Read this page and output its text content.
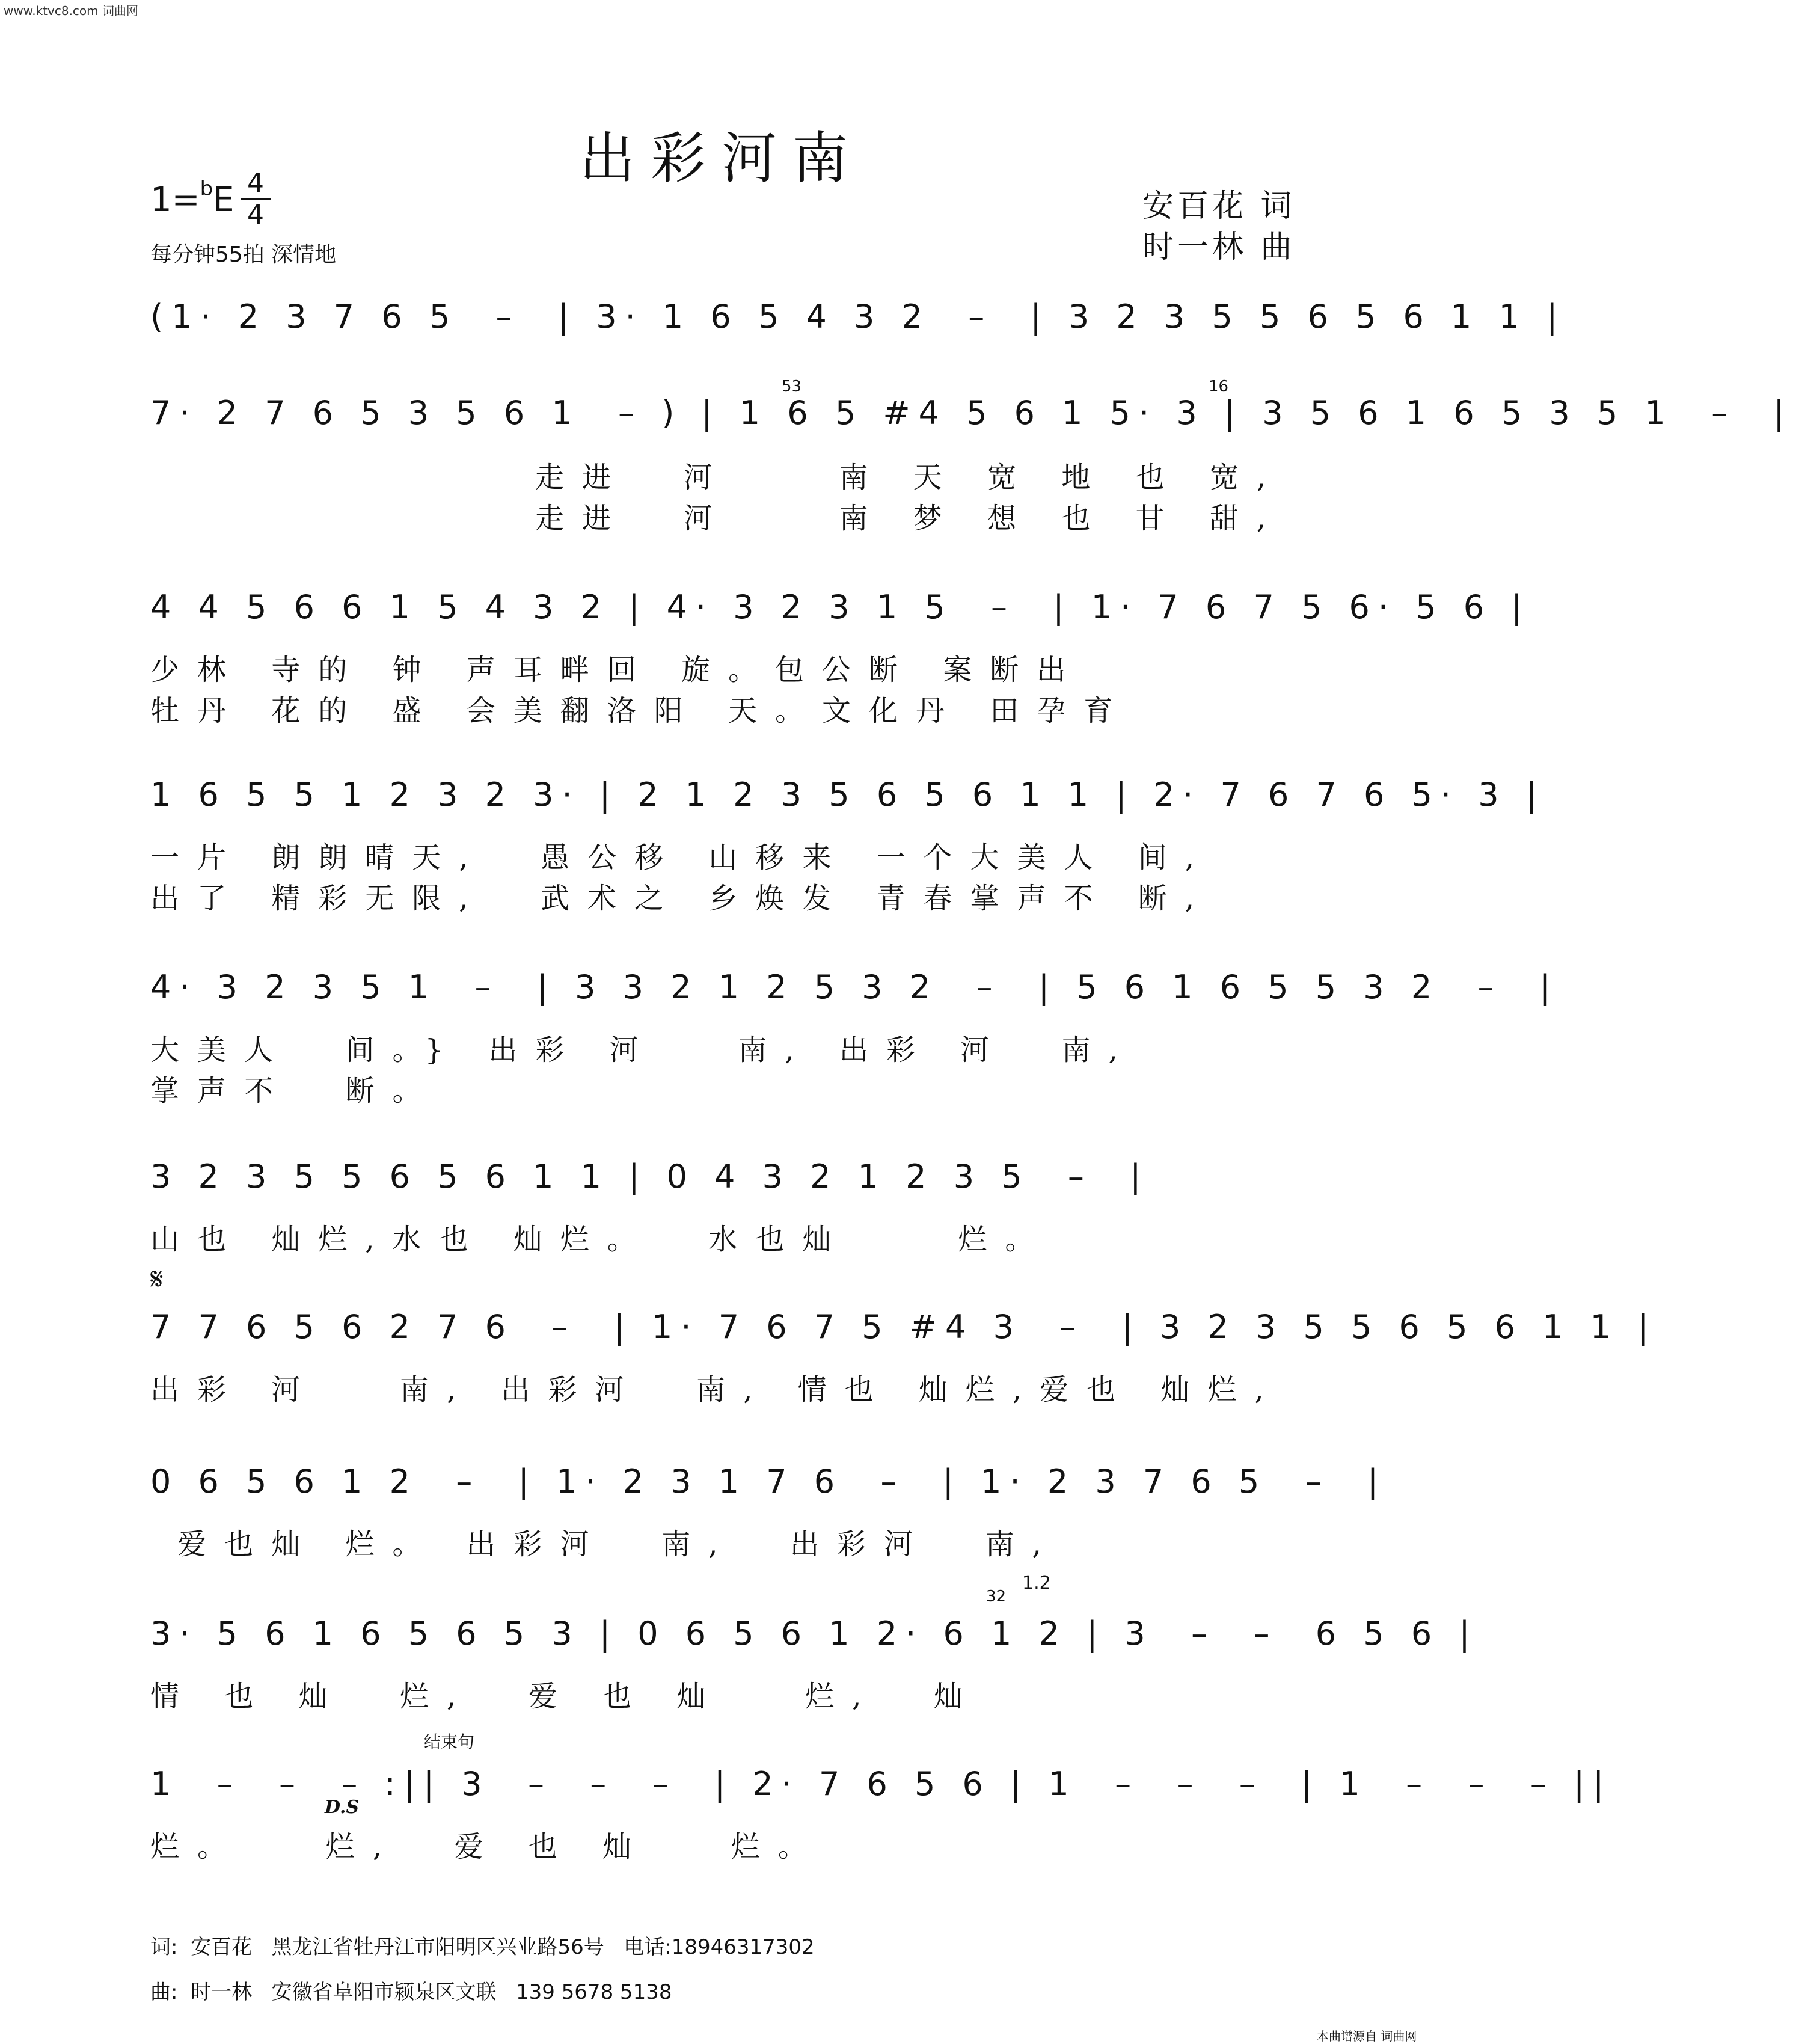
www.ktvc8.com 词曲网
出彩河南
1=$^b$E 4
4
每分钟55拍 深情地
安百花 词
时一林 曲
(1· 2 3 7 6 5  –  | 3· 1 6 5 4 3 2  –  | 3 2 3 5 5 6 5 6 1 1 |
7· 2 7 6 5 3 5 6 1  – ) | 1 6 5 #4 5 6 1 5· 3 | 3 5 6 1 6 5 3 5 1  –  |
走进  河    南 天 宽 地 也 宽,
走进  河    南 梦 想 也 甘 甜,
4 4 5 6 6 1 5 4 3 2 | 4· 3 2 3 1 5  –  | 1· 7 6 7 5 6· 5 6 |
少林 寺的 钟 声耳畔回 旋。包公断 案断出
牡丹 花的 盛 会美翻洛阳 天。文化丹 田孕育
1 6 5 5 1 2 3 2 3· | 2 1 2 3 5 6 5 6 1 1 | 2· 7 6 7 6 5· 3 |
一片 朗朗晴天,  愚公移 山移来 一个大美人 间,
出了 精彩无限,  武术之 乡焕发 青春掌声不 断,
4· 3 2 3 5 1  –  | 3 3 2 1 2 5 3 2  –  | 5 6 1 6 5 5 3 2  –  |
大美人  间。} 出彩 河   南, 出彩 河  南,
掌声不  断。
3 2 3 5 5 6 5 6 1 1 | 0 4 3 2 1 2 3 5  –  |
山也 灿烂,水也 灿烂。  水也灿    烂。
𝄋
7 7 6 5 6 2 7 6  –  | 1· 7 6 7 5 #4 3  –  | 3 2 3 5 5 6 5 6 1 1 |
出彩 河   南, 出彩河  南, 情也 灿烂,爱也 灿烂,
0 6 5 6 1 2  –  | 1· 2 3 1 7 6  –  | 1· 2 3 7 6 5  –  |
爱也灿 烂。 出彩河  南,  出彩河  南,
1.2
32
3· 5 6 1 6 5 6 5 3 | 0 6 5 6 1 2· 6 1 2 | 3  –  –  6 5 6 |
情 也 灿  烂,  爱 也 灿   烂,  灿
结束句
1  –  –  – :|| 3  –  –  –  | 2· 7 6 5 6 | 1  –  –  –  | 1  –  –  – ||
D.S
烂。   烂,  爱 也 灿   烂。
53	16
词: 安百花 黑龙江省牡丹江市阳明区兴业路56号 电话:18946317302
曲: 时一林 安徽省阜阳市颍泉区文联 139 5678 5138
本曲谱源自 词曲网
